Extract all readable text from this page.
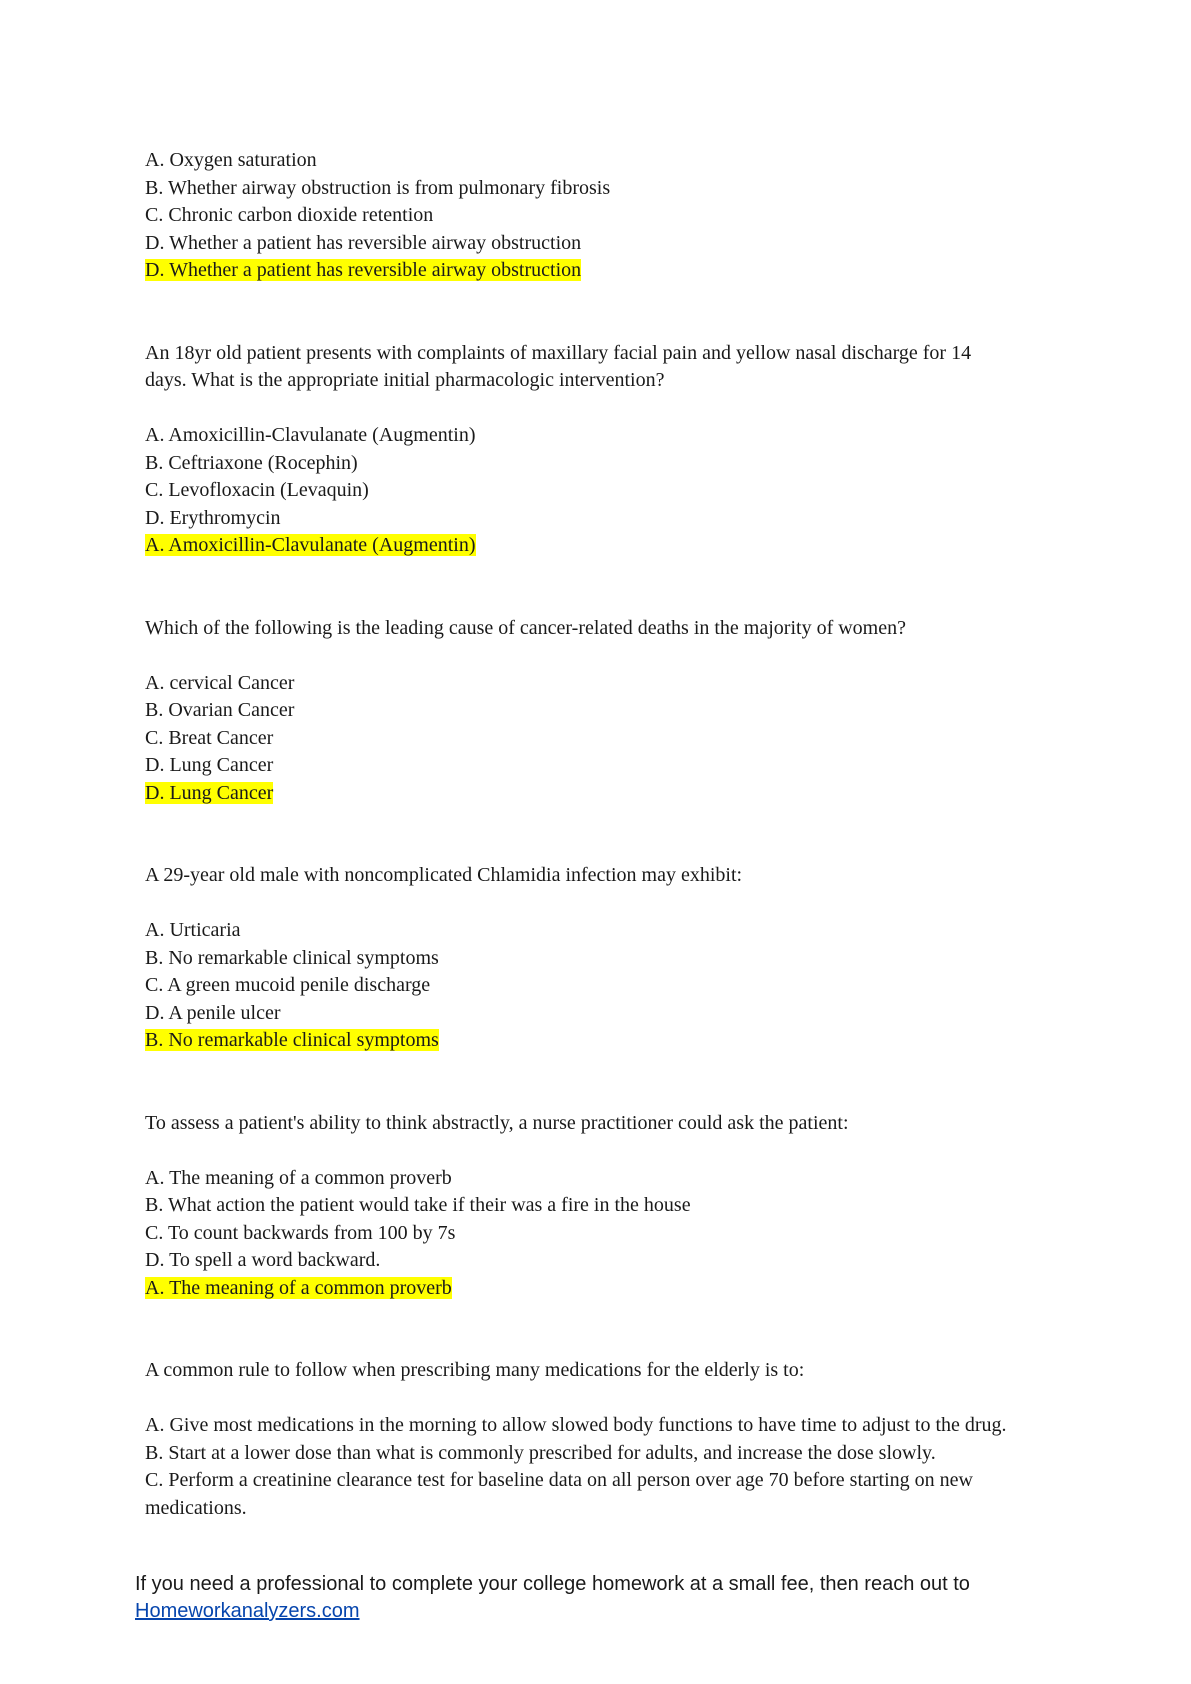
A. Oxygen saturation
B. Whether airway obstruction is from pulmonary fibrosis
C. Chronic carbon dioxide retention
D. Whether a patient has reversible airway obstruction
D. Whether a patient has reversible airway obstruction
An 18yr old patient presents with complaints of maxillary facial pain and yellow nasal discharge for 14 days. What is the appropriate initial pharmacologic intervention?
A. Amoxicillin-Clavulanate (Augmentin)
B. Ceftriaxone (Rocephin)
C. Levofloxacin (Levaquin)
D. Erythromycin
A. Amoxicillin-Clavulanate (Augmentin)
Which of the following is the leading cause of cancer-related deaths in the majority of women?
A. cervical Cancer
B. Ovarian Cancer
C. Breat Cancer
D. Lung Cancer
D. Lung Cancer
A 29-year old male with noncomplicated Chlamidia infection may exhibit:
A. Urticaria
B. No remarkable clinical symptoms
C. A green mucoid penile discharge
D. A penile ulcer
B. No remarkable clinical symptoms
To assess a patient's ability to think abstractly, a nurse practitioner could ask the patient:
A. The meaning of a common proverb
B. What action the patient would take if their was a fire in the house
C. To count backwards from 100 by 7s
D. To spell a word backward.
A. The meaning of a common proverb
A common rule to follow when prescribing many medications for the elderly is to:
A. Give most medications in the morning to allow slowed body functions to have time to adjust to the drug.
B. Start at a lower dose than what is commonly prescribed for adults, and increase the dose slowly.
C. Perform a creatinine clearance test for baseline data on all person over age 70 before starting on new medications.
If you need a professional to complete your college homework at a small fee, then reach out to
Homeworkanalyzers.com
